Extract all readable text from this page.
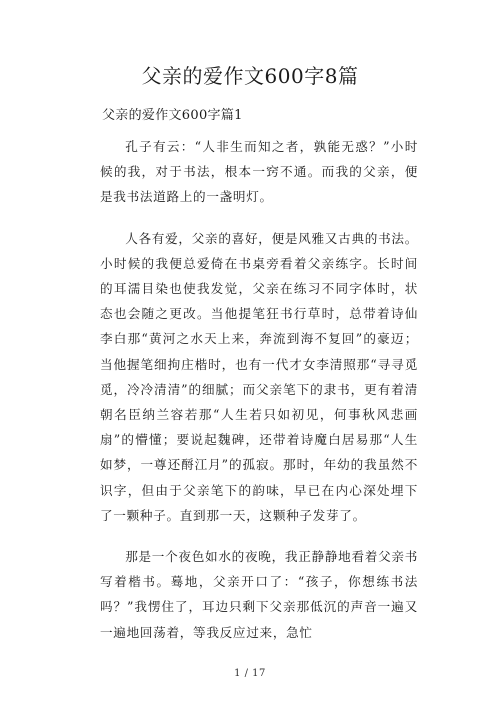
父亲的爱作文600字8篇
父亲的爱作文600字篇1

孔子有云：“人非生而知之者，孰能无惑？”小时候的我，对于书法，根本一窍不通。而我的父亲，便是我书法道路上的一盏明灯。

人各有爱，父亲的喜好，便是风雅又古典的书法。小时候的我便总爱倚在书桌旁看着父亲练字。长时间的耳濡目染也使我发觉，父亲在练习不同字体时，状态也会随之更改。当他提笔狂书行草时，总带着诗仙李白那“黄河之水天上来，奔流到海不复回”的豪迈；当他握笔细拘庄楷时，也有一代才女李清照那“寻寻觅觅，冷冷清清”的细腻；而父亲笔下的隶书，更有着清朝名臣纳兰容若那“人生若只如初见，何事秋风悲画扇”的懵懂；要说起魏碑，还带着诗魔白居易那“人生如梦，一尊还酹江月”的孤寂。那时，年幼的我虽然不识字，但由于父亲笔下的韵味，早已在内心深处埋下了一颗种子。直到那一天，这颗种子发芽了。

那是一个夜色如水的夜晚，我正静静地看着父亲书写着楷书。蓦地，父亲开口了：“孩子，你想练书法吗？”我愣住了，耳边只剩下父亲那低沉的声音一遍又一遍地回荡着，等我反应过来，急忙

1 / 17
